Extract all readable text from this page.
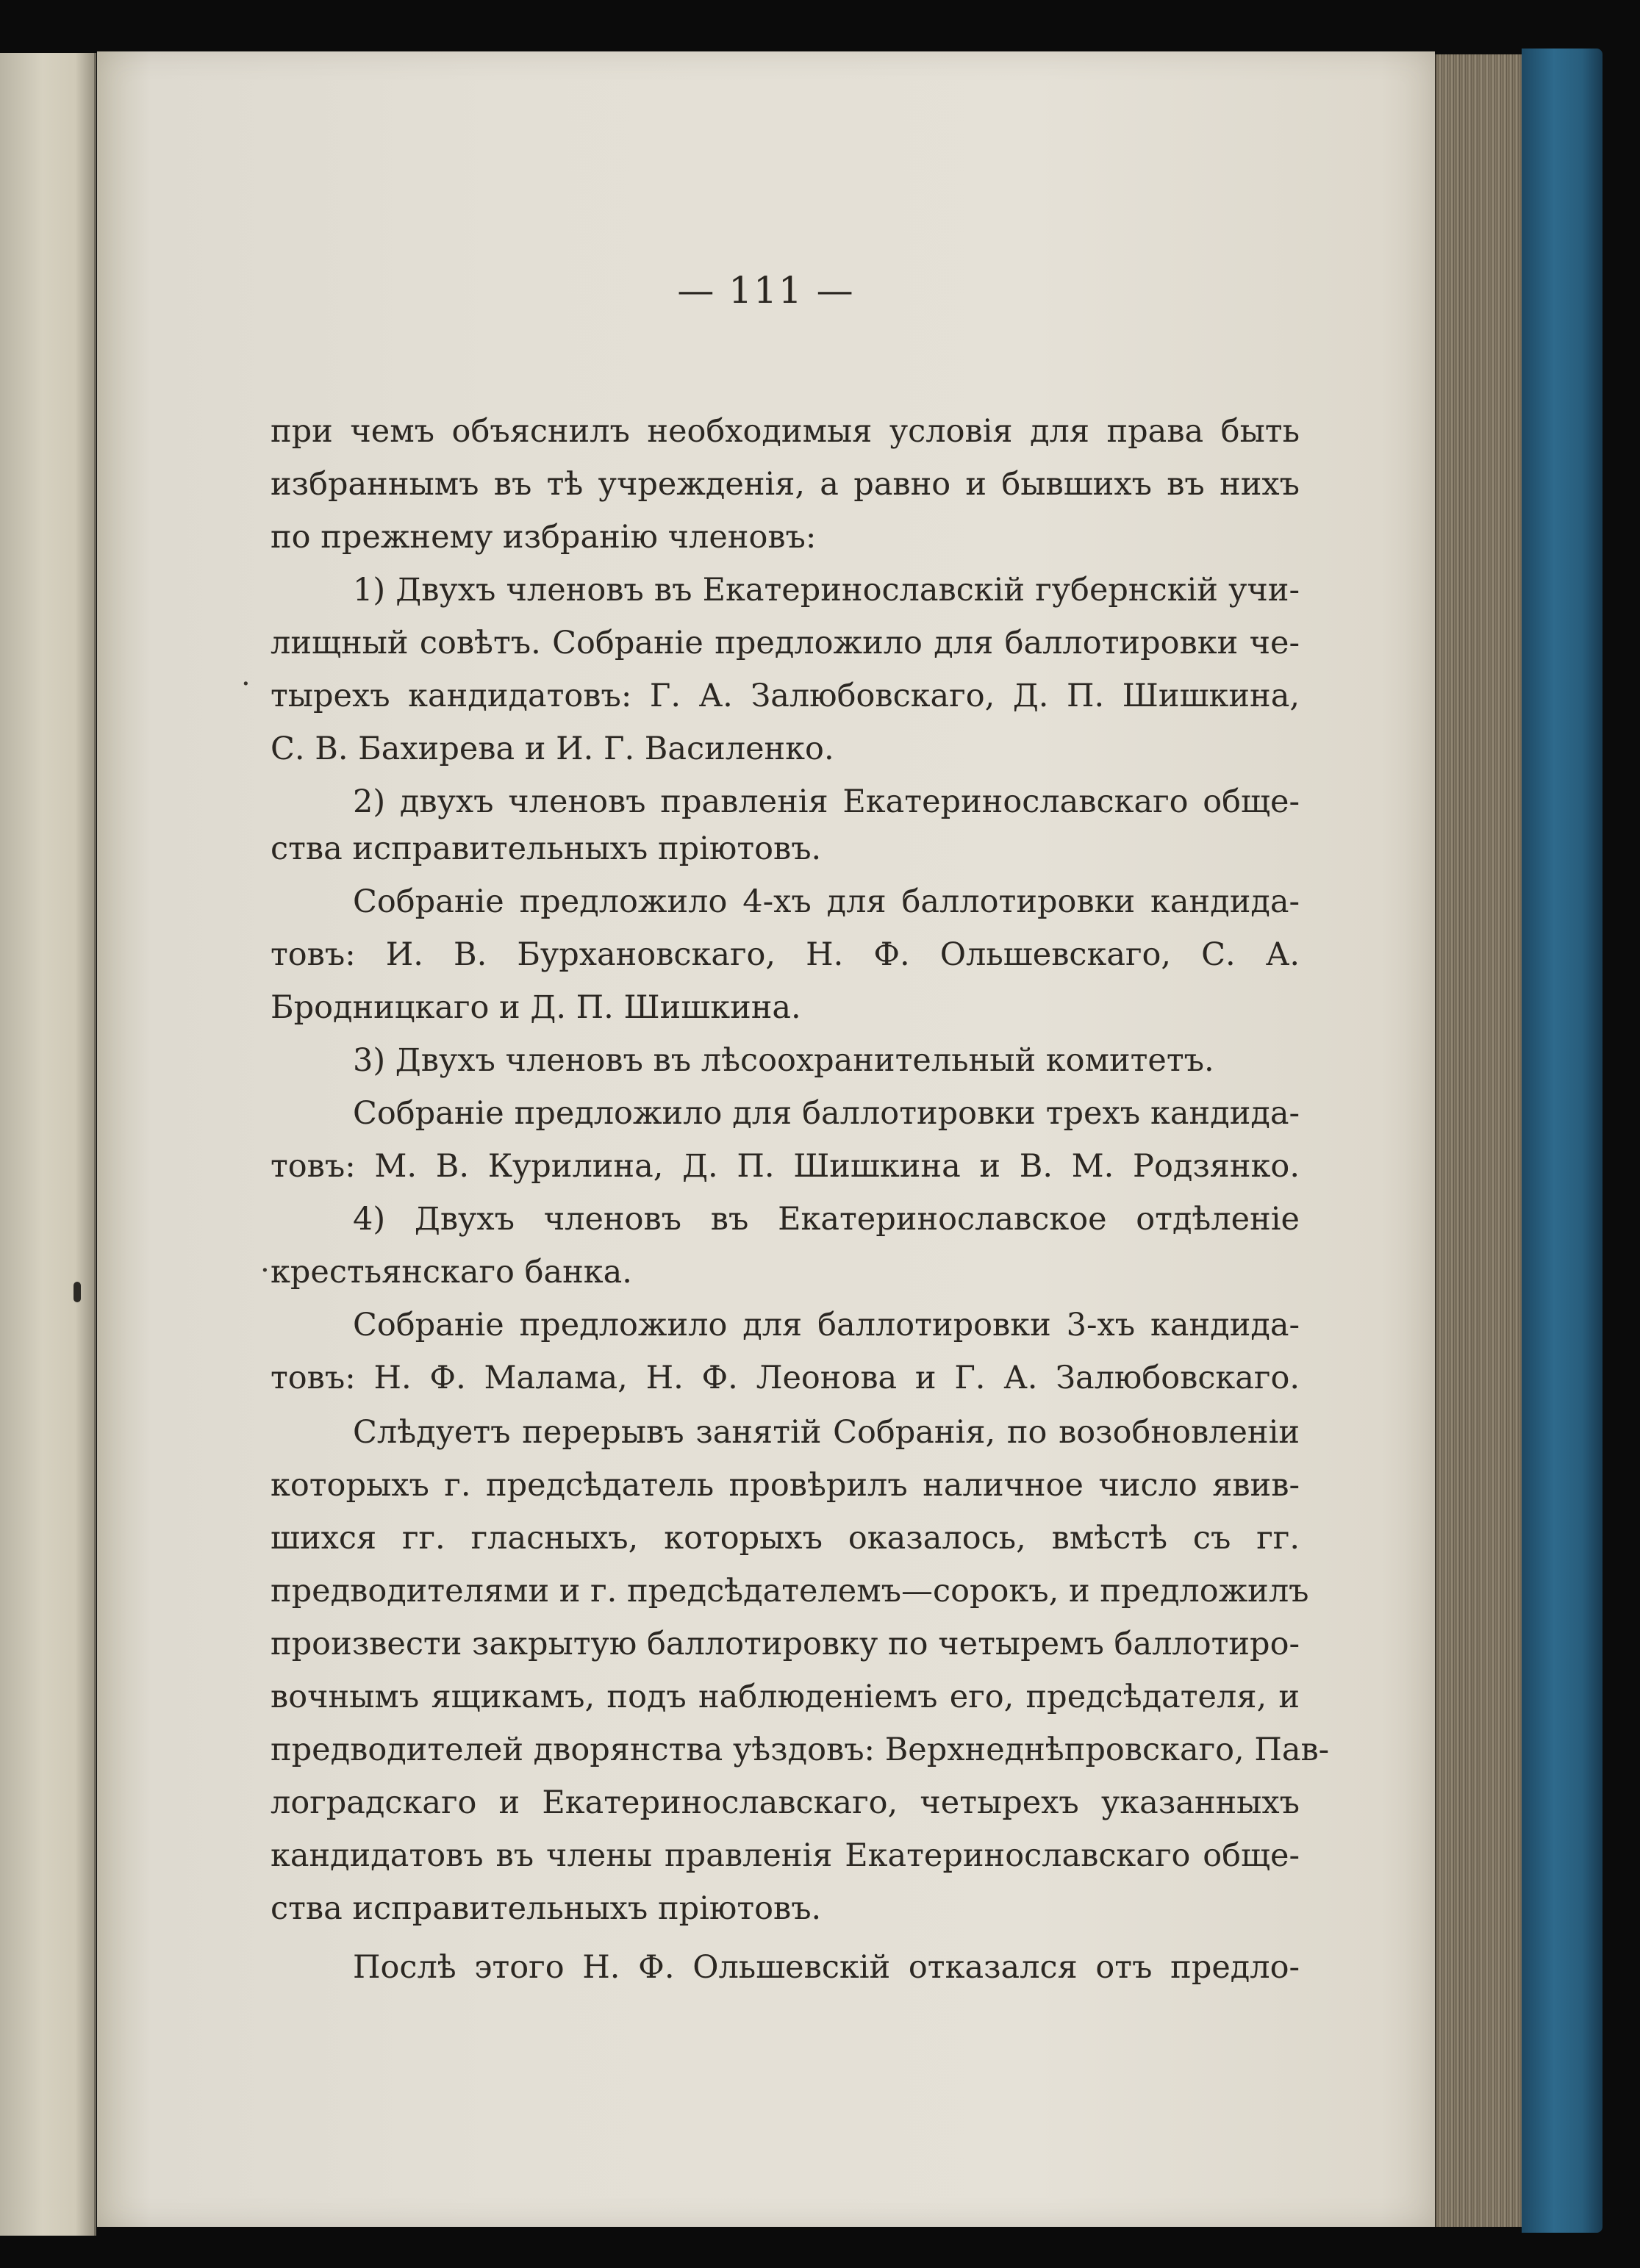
— 111 —
при чемъ объяснилъ необходимыя условія для права быть
избраннымъ въ тѣ учрежденія, а равно и бывшихъ въ нихъ
по прежнему избранію членовъ:
1) Двухъ членовъ въ Екатеринославскій губернскій учи-
лищный совѣтъ. Собраніе предложило для баллотировки че-
тырехъ кандидатовъ: Г. А. Залюбовскаго, Д. П. Шишкина,
С. В. Бахирева и И. Г. Василенко.
2) двухъ членовъ правленія Екатеринославскаго обще-
ства исправительныхъ пріютовъ.
Собраніе предложило 4-хъ для баллотировки кандида-
товъ: И. В. Бурхановскаго, Н. Ф. Ольшевскаго, С. А.
Бродницкаго и Д. П. Шишкина.
3) Двухъ членовъ въ лѣсоохранительный комитетъ.
Собраніе предложило для баллотировки трехъ кандида-
товъ: М. В. Курилина, Д. П. Шишкина и В. М. Родзянко.
4) Двухъ членовъ въ Екатеринославское отдѣленіе
крестьянскаго банка.
Собраніе предложило для баллотировки 3-хъ кандида-
товъ: Н. Ф. Малама, Н. Ф. Леонова и Г. А. Залюбовскаго.
Слѣдуетъ перерывъ занятій Собранія, по возобновленіи
которыхъ г. предсѣдатель провѣрилъ наличное число явив-
шихся гг. гласныхъ, которыхъ оказалось, вмѣстѣ съ гг.
предводителями и г. предсѣдателемъ—сорокъ, и предложилъ
произвести закрытую баллотировку по четыремъ баллотиро-
вочнымъ ящикамъ, подъ наблюденіемъ его, предсѣдателя, и
предводителей дворянства уѣздовъ: Верхнеднѣпровскаго, Пав-
лоградскаго и Екатеринославскаго, четырехъ указанныхъ
кандидатовъ въ члены правленія Екатеринославскаго обще-
ства исправительныхъ пріютовъ.
Послѣ этого Н. Ф. Ольшевскій отказался отъ предло-
·
.
